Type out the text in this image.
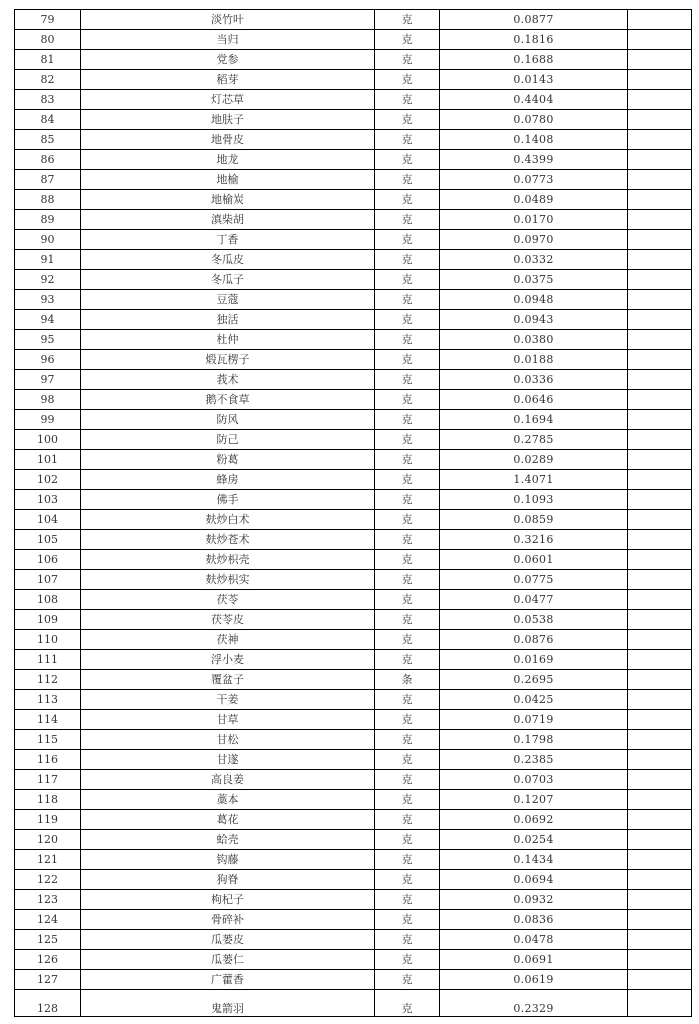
79	淡竹叶	克	0.0877	
80	当归	克	0.1816	
81	党参	克	0.1688	
82	稻芽	克	0.0143	
83	灯芯草	克	0.4404	
84	地肤子	克	0.0780	
85	地骨皮	克	0.1408	
86	地龙	克	0.4399	
87	地榆	克	0.0773	
88	地榆炭	克	0.0489	
89	滇柴胡	克	0.0170	
90	丁香	克	0.0970	
91	冬瓜皮	克	0.0332	
92	冬瓜子	克	0.0375	
93	豆蔻	克	0.0948	
94	独活	克	0.0943	
95	杜仲	克	0.0380	
96	煅瓦楞子	克	0.0188	
97	莪术	克	0.0336	
98	鹅不食草	克	0.0646	
99	防风	克	0.1694	
100	防己	克	0.2785	
101	粉葛	克	0.0289	
102	蜂房	克	1.4071	
103	佛手	克	0.1093	
104	麸炒白术	克	0.0859	
105	麸炒苍术	克	0.3216	
106	麸炒枳壳	克	0.0601	
107	麸炒枳实	克	0.0775	
108	茯苓	克	0.0477	
109	茯苓皮	克	0.0538	
110	茯神	克	0.0876	
111	浮小麦	克	0.0169	
112	覆盆子	条	0.2695	
113	干姜	克	0.0425	
114	甘草	克	0.0719	
115	甘松	克	0.1798	
116	甘遂	克	0.2385	
117	高良姜	克	0.0703	
118	藁本	克	0.1207	
119	葛花	克	0.0692	
120	蛤壳	克	0.0254	
121	钩藤	克	0.1434	
122	狗脊	克	0.0694	
123	枸杞子	克	0.0932	
124	骨碎补	克	0.0836	
125	瓜蒌皮	克	0.0478	
126	瓜蒌仁	克	0.0691	
127	广藿香	克	0.0619	
128	鬼箭羽	克	0.2329	
